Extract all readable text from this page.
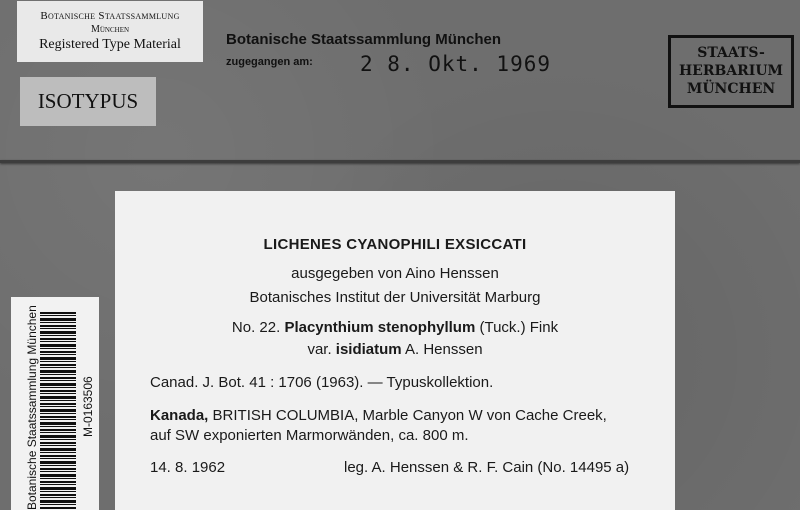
Botanische Staatssammlung
München
Registered Type Material
ISOTYPUS
Botanische Staatssammlung München
zugegangen am: 2 8. Okt. 1969	STAATS-
HERBARIUM
MÜNCHEN
LICHENES CYANOPHILI EXSICCATI
ausgegeben von Aino Henssen
Botanisches Institut der Universität Marburg
No. 22. Placynthium stenophyllum (Tuck.) Fink
var. isidiatum A. Henssen
Canad. J. Bot. 41 : 1706 (1963). — Typuskollektion.
Kanada, BRITISH COLUMBIA, Marble Canyon W von Cache Creek,
auf SW exponierten Marmorwänden, ca. 800 m.
14. 8. 1962	leg. A. Henssen & R. F. Cain (No. 14495 a)
Botanische Staatssammlung München	M-0163506
